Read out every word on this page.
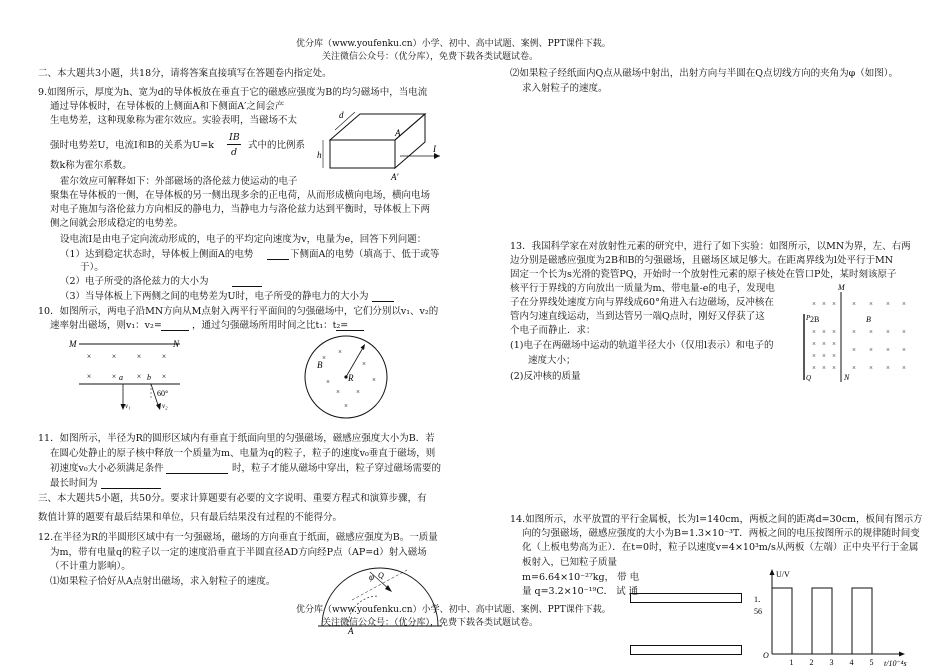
优分库（www.youfenku.cn）小学、初中、高中试题、案例、PPT课件下载。
关注微信公众号：（优分库），免费下载各类试题试卷。
二、本大题共3小题，共18分，请将答案直接填写在答题卷内指定处。
9.如图所示，厚度为h、宽为d的导体板放在垂直于它的磁感应强度为B的均匀磁场中，当电流
通过导体板时，在导体板的上侧面A和下侧面A′之间会产
生电势差，这种现象称为霍尔效应。实验表明，当磁场不太
强时电势差U，电流I和B的关系为U=k
IB
d
式中的比例系
数k称为霍尔系数。
霍尔效应可解释如下：外部磁场的洛伦兹力使运动的电子
聚集在导体板的一侧，在导体板的另一侧出现多余的正电荷，从而形成横向电场，横向电场
对电子施加与洛伦兹力方向相反的静电力，当静电力与洛伦兹力达到平衡时，导体板上下两
侧之间就会形成稳定的电势差。
设电流I是由电子定向流动形成的，电子的平均定向速度为v，电量为e，回答下列问题：
（1）达到稳定状态时，导体板上侧面A的电势	下侧面A的电势（填高于、低于或等
于）。
（2）电子所受的洛伦兹力的大小为
（3）当导体板上下两侧之间的电势差为U时，电子所受的静电力的大小为
d
h
A
A′
I
10．如图所示，两电子沿MN方向从M点射入两平行平面间的匀强磁场中，它们分别以v₁、v₂的
速率射出磁场，则v₁：v₂=	，通过匀强磁场所用时间之比t₁：t₂=
M	N
×	×	×	×
×	×	×	×
a	b
60°
v₁	v₂
B
R
×
×
×
×	×
× ×
×
11．如图所示，半径为R的圆形区域内有垂直于纸面向里的匀强磁场，磁感应强度大小为B．若
在圆心处静止的原子核中释放一个质量为m、电量为q的粒子，粒子的速度v₀垂直于磁场，则
初速度v₀大小必须满足条件	时，粒子才能从磁场中穿出，粒子穿过磁场需要的
最长时间为
三、本大题共5小题，共50分。要求计算题要有必要的文字说明、重要方程式和演算步骤，有
数值计算的题要有最后结果和单位，只有最后结果没有过程的不能得分。
12.在半径为R的半圆形区域中有一匀强磁场，磁场的方向垂直于纸面，磁感应强度为B。一质量
为m，带有电量q的粒子以一定的速度沿垂直于半圆直径AD方向经P点（AP=d）射入磁场
（不计重力影响）。
⑴如果粒子恰好从A点射出磁场，求入射粒子的速度。	φ Q
A
⑵如果粒子经纸面内Q点从磁场中射出，出射方向与半圆在Q点切线方向的夹角为φ（如图）。
求入射粒子的速度。
13．我国科学家在对放射性元素的研究中，进行了如下实验：如图所示，以MN为界，左、右两
边分别是磁感应强度为2B和B的匀强磁场，且磁场区域足够大。在距离界线为l处平行于MN
固定一个长为s光滑的瓷管PQ，开始时一个放射性元素的原子核处在管口P处，某时刻该原子
核平行于界线的方向放出一质量为m、带电量-e的电子，发现电
子在分界线处速度方向与界线成60°角进入右边磁场，反冲核在
管内匀速直线运动，当到达管另一端Q点时，刚好又俘获了这
个电子而静止．求：
(1)电子在两磁场中运动的轨道半径大小（仅用l表示）和电子的
速度大小；
(2)反冲核的质量
M
N
P
Q
2B	B
× × ×
× × ×
× × ×
× × ×
× × ×
× × × ×
× × × ×
× × × ×
× × × ×
14.如图所示，水平放置的平行金属板，长为l=140cm，两板之间的距离d=30cm，板间有图示方
向的匀强磁场，磁感应强度的大小为B=1.3×10⁻³T．两板之间的电压按图所示的规律随时间变
化（上板电势高为正）．在t=0时，粒子以速度v=4×10³m/s从两板（左端）正中央平行于金属
板射入，已知粒子质量
m=6.64×10⁻²⁷kg， 带 电
量 q=3.2×10⁻¹⁹C． 试 通
U/V
t/10⁻⁴s
O
1．
56
1 2 3 4 5
优分库（www.youfenku.cn）小学、初中、高中试题、案例、PPT课件下载。
关注微信公众号：（优分库），免费下载各类试题试卷。
